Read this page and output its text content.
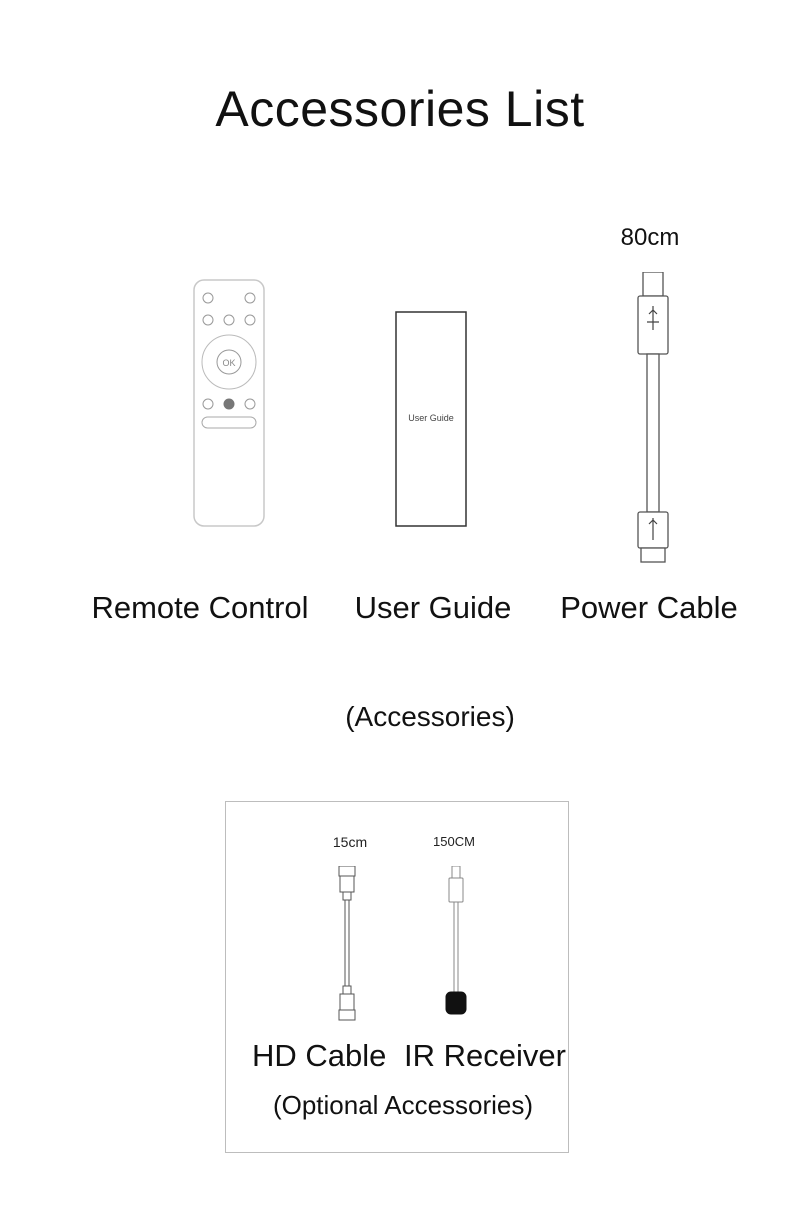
Accessories List
OK
User Guide
80cm
Remote Control	User Guide	Power Cable
(Accessories)
15cm	150CM
HD Cable IR Receiver
(Optional Accessories)
